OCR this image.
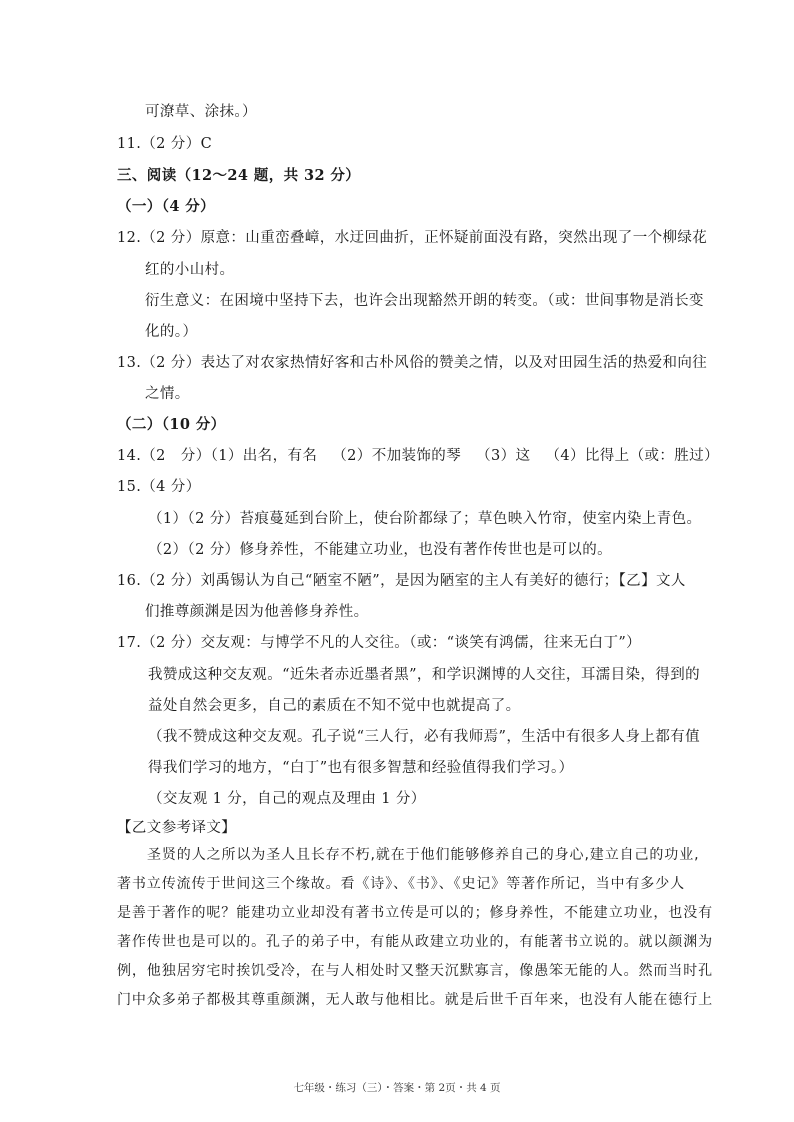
可潦草、涂抹。）
11.（2 分）C
三、阅读（12～24 题，共 32 分）
（一）（4 分）
12.（2 分）原意：山重峦叠嶂，水迂回曲折，正怀疑前面没有路，突然出现了一个柳绿花
红的小山村。
衍生意义：在困境中坚持下去，也许会出现豁然开朗的转变。（或：世间事物是消长变
化的。）
13.（2 分）表达了对农家热情好客和古朴风俗的赞美之情，以及对田园生活的热爱和向往
之情。
（二）（10 分）
14.（2 分）（1）出名，有名 （2）不加装饰的琴 （3）这 （4）比得上（或：胜过）
15.（4 分）
（1）（2 分）苔痕蔓延到台阶上，使台阶都绿了；草色映入竹帘，使室内染上青色。
（2）（2 分）修身养性，不能建立功业，也没有著作传世也是可以的。
16.（2 分）刘禹锡认为自己“陋室不陋”，是因为陋室的主人有美好的德行；【乙】文人
们推尊颜渊是因为他善修身养性。
17.（2 分）交友观：与博学不凡的人交往。（或：“谈笑有鸿儒，往来无白丁”）
我赞成这种交友观。“近朱者赤近墨者黑”，和学识渊博的人交往，耳濡目染，得到的
益处自然会更多，自己的素质在不知不觉中也就提高了。
（我不赞成这种交友观。孔子说“三人行，必有我师焉”，生活中有很多人身上都有值
得我们学习的地方，“白丁”也有很多智慧和经验值得我们学习。）
（交友观 1 分，自己的观点及理由 1 分）
【乙文参考译文】
圣贤的人之所以为圣人且长存不朽,就在于他们能够修养自己的身心,建立自己的功业,
著书立传流传于世间这三个缘故。看《诗》、《书》、《史记》等著作所记，当中有多少人
是善于著作的呢？能建功立业却没有著书立传是可以的；修身养性，不能建立功业，也没有
著作传世也是可以的。孔子的弟子中，有能从政建立功业的，有能著书立说的。就以颜渊为
例，他独居穷宅时挨饥受冷，在与人相处时又整天沉默寡言，像愚笨无能的人。然而当时孔
门中众多弟子都极其尊重颜渊，无人敢与他相比。就是后世千百年来，也没有人能在德行上
七年级・练习（三）・答案・第 2页・共 4 页
